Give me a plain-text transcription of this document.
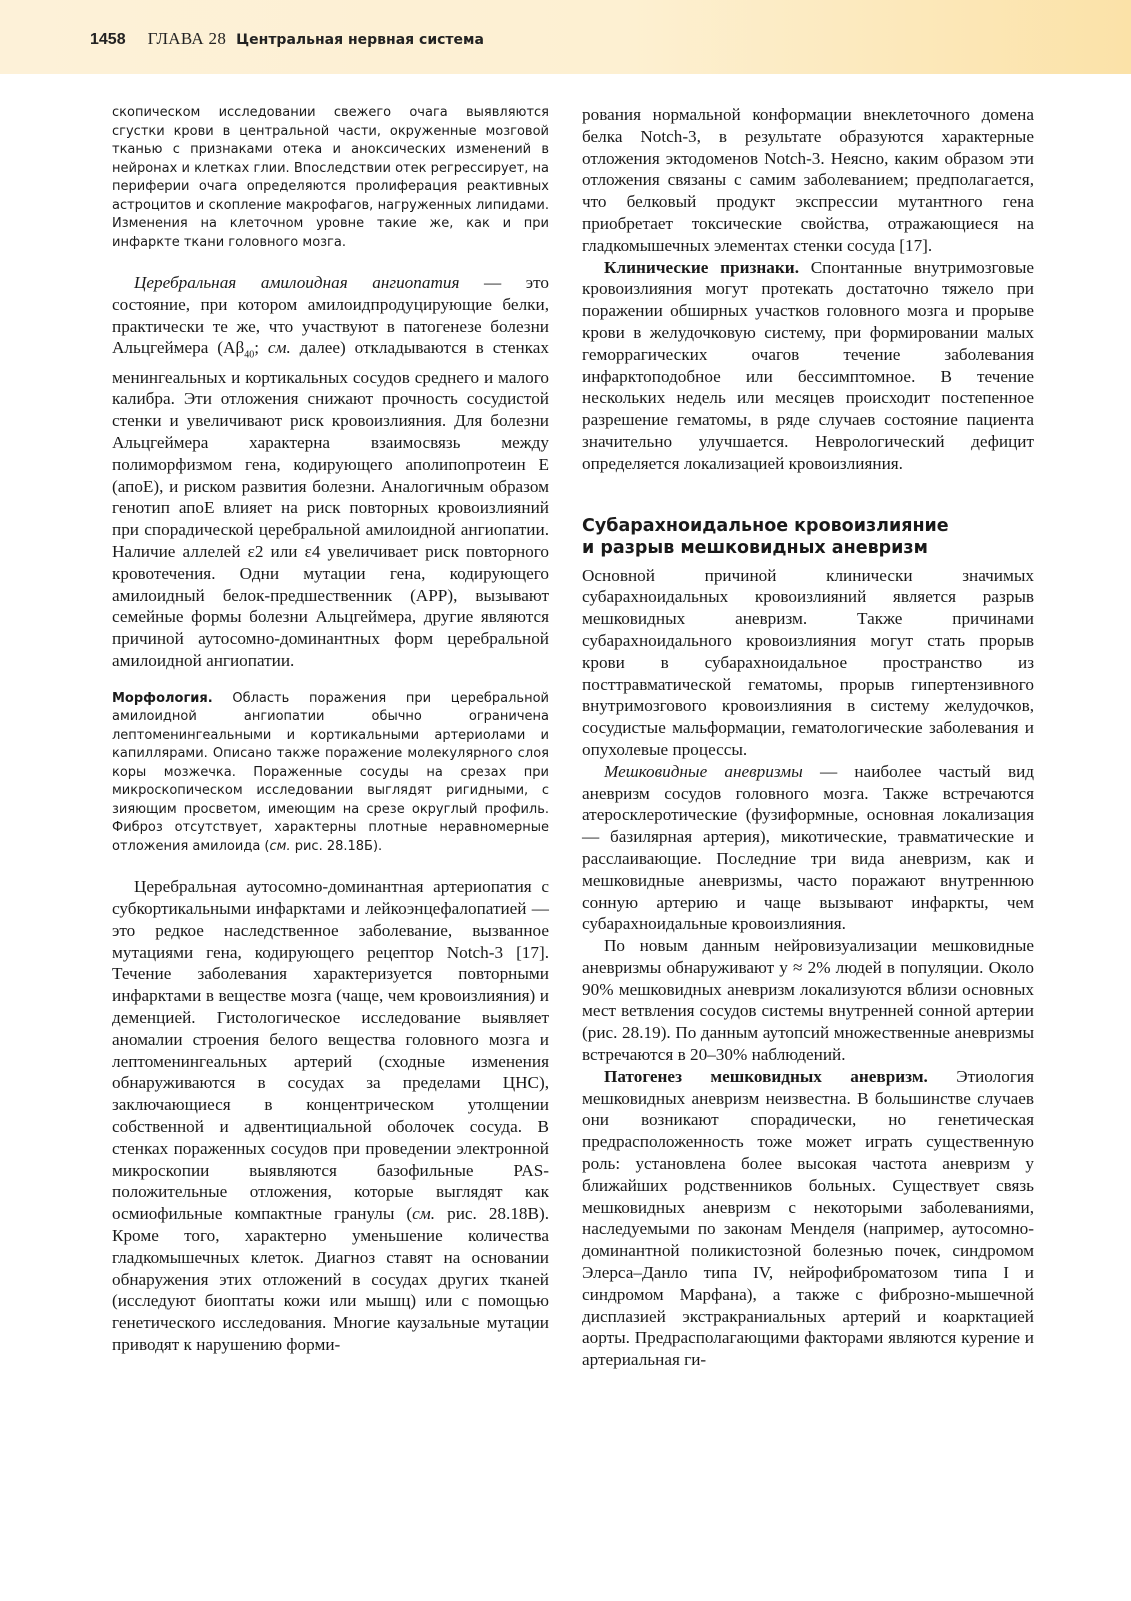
1458 ГЛАВА 28 Центральная нервная система

скопическом исследовании свежего очага выявляются сгустки крови в центральной части, окруженные мозговой тканью с признаками отека и аноксических изменений в нейронах и клетках глии. Впоследствии отек регрессирует, на периферии очага определяются пролиферация реактивных астроцитов и скопление макрофагов, нагруженных липидами. Изменения на клеточном уровне такие же, как и при инфаркте ткани головного мозга.

Церебральная амилоидная ангиопатия — это состояние, при котором амилоидпродуцирующие белки, практически те же, что участвуют в патогенезе болезни Альцгеймера ($A\beta_{40}$; см. далее) откладываются в стенках менингеальных и кортикальных сосудов среднего и малого калибра. Эти отложения снижают прочность сосудистой стенки и увеличивают риск кровоизлияния. Для болезни Альцгеймера характерна взаимосвязь между полиморфизмом гена, кодирующего аполипопротеин E (апоE), и риском развития болезни. Аналогичным образом генотип апоE влияет на риск повторных кровоизлияний при спорадической церебральной амилоидной ангиопатии. Наличие аллелей ε2 или ε4 увеличивает риск повторного кровотечения. Одни мутации гена, кодирующего амилоидный белок-предшественник (APP), вызывают семейные формы болезни Альцгеймера, другие являются причиной аутосомно-доминантных форм церебральной амилоидной ангиопатии.

Морфология. Область поражения при церебральной амилоидной ангиопатии обычно ограничена лептоменингеальными и кортикальными артериолами и капиллярами. Описано также поражение молекулярного слоя коры мозжечка. Пораженные сосуды на срезах при микроскопическом исследовании выглядят ригидными, с зияющим просветом, имеющим на срезе округлый профиль. Фиброз отсутствует, характерны плотные неравномерные отложения амилоида (см. рис. 28.18Б).

Церебральная аутосомно-доминантная артериопатия с субкортикальными инфарктами и лейкоэнцефалопатией — это редкое наследственное заболевание, вызванное мутациями гена, кодирующего рецептор Notch-3 [17]. Течение заболевания характеризуется повторными инфарктами в веществе мозга (чаще, чем кровоизлияния) и деменцией. Гистологическое исследование выявляет аномалии строения белого вещества головного мозга и лептоменингеальных артерий (сходные изменения обнаруживаются в сосудах за пределами ЦНС), заключающиеся в концентрическом утолщении собственной и адвентициальной оболочек сосуда. В стенках пораженных сосудов при проведении электронной микроскопии выявляются базофильные PAS-положительные отложения, которые выглядят как осмиофильные компактные гранулы (см. рис. 28.18В). Кроме того, характерно уменьшение количества гладкомышечных клеток. Диагноз ставят на основании обнаружения этих отложений в сосудах других тканей (исследуют биоптаты кожи или мышц) или с помощью генетического исследования. Многие каузальные мутации приводят к нарушению форми-

рования нормальной конформации внеклеточного домена белка Notch-3, в результате образуются характерные отложения эктодоменов Notch-3. Неясно, каким образом эти отложения связаны с самим заболеванием; предполагается, что белковый продукт экспрессии мутантного гена приобретает токсические свойства, отражающиеся на гладкомышечных элементах стенки сосуда [17].

Клинические признаки. Спонтанные внутримозговые кровоизлияния могут протекать достаточно тяжело при поражении обширных участков головного мозга и прорыве крови в желудочковую систему, при формировании малых геморрагических очагов течение заболевания инфарктоподобное или бессимптомное. В течение нескольких недель или месяцев происходит постепенное разрешение гематомы, в ряде случаев состояние пациента значительно улучшается. Неврологический дефицит определяется локализацией кровоизлияния.

Субарахноидальное кровоизлияние
и разрыв мешковидных аневризм

Основной причиной клинически значимых субарахноидальных кровоизлияний является разрыв мешковидных аневризм. Также причинами субарахноидального кровоизлияния могут стать прорыв крови в субарахноидальное пространство из посттравматической гематомы, прорыв гипертензивного внутримозгового кровоизлияния в систему желудочков, сосудистые мальформации, гематологические заболевания и опухолевые процессы.

Мешковидные аневризмы — наиболее частый вид аневризм сосудов головного мозга. Также встречаются атеросклеротические (фузиформные, основная локализация — базилярная артерия), микотические, травматические и расслаивающие. Последние три вида аневризм, как и мешковидные аневризмы, часто поражают внутреннюю сонную артерию и чаще вызывают инфаркты, чем субарахноидальные кровоизлияния.

По новым данным нейровизуализации мешковидные аневризмы обнаруживают у ≈ 2% людей в популяции. Около 90% мешковидных аневризм локализуются вблизи основных мест ветвления сосудов системы внутренней сонной артерии (рис. 28.19). По данным аутопсий множественные аневризмы встречаются в 20–30% наблюдений.

Патогенез мешковидных аневризм. Этиология мешковидных аневризм неизвестна. В большинстве случаев они возникают спорадически, но генетическая предрасположенность тоже может играть существенную роль: установлена более высокая частота аневризм у ближайших родственников больных. Существует связь мешковидных аневризм с некоторыми заболеваниями, наследуемыми по законам Менделя (например, аутосомно-доминантной поликистозной болезнью почек, синдромом Элерса–Данло типа IV, нейрофиброматозом типа I и синдромом Марфана), а также с фиброзно-мышечной дисплазией экстракраниальных артерий и коарктацией аорты. Предрасполагающими факторами являются курение и артериальная ги-
